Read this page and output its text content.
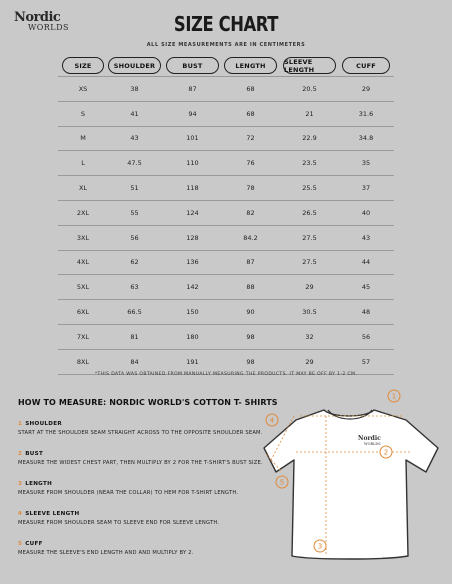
Nordic
WORLDS	SIZE CHART
ALL SIZE MEASUREMENTS ARE IN CENTIMETERS
SIZE	SHOULDER	BUST	LENGTH	SLEEVE LENGTH	CUFF
XS	38	87	68	20.5	29
S	41	94	68	21	31.6
M	43	101	72	22.9	34.8
L	47.5	110	76	23.5	35
XL	51	118	78	25.5	37
2XL	55	124	82	26.5	40
3XL	56	128	84.2	27.5	43
4XL	62	136	87	27.5	44
5XL	63	142	88	29	45
6XL	66.5	150	90	30.5	48
7XL	81	180	98	32	56
8XL	84	191	98	29	57
*THIS DATA WAS OBTAINED FROM MANUALLY MEASURING THE PRODUCTS. IT MAY BE OFF BY 1-2 CM.
HOW TO MEASURE: NORDIC WORLD'S COTTON T- SHIRTS
1 SHOULDER
START AT THE SHOULDER SEAM STRAIGHT ACROSS TO THE OPPOSITE SHOULDER SEAM.
2 BUST
MEASURE THE WIDEST CHEST PART, THEN MULTIPLY BY 2 FOR THE T-SHIRT'S BUST SIZE.
3 LENGTH
MEASURE FROM SHOULDER (NEAR THE COLLAR) TO HEM FOR T-SHIRT LENGTH.
4 SLEEVE LENGTH
MEASURE FROM SHOULDER SEAM TO SLEEVE END FOR SLEEVE LENGTH.
5 CUFF
MEASURE THE SLEEVE'S END LENGTH AND AND MULTIPLY BY 2.
Nordic
WORLDS
1
2
3
4
5
